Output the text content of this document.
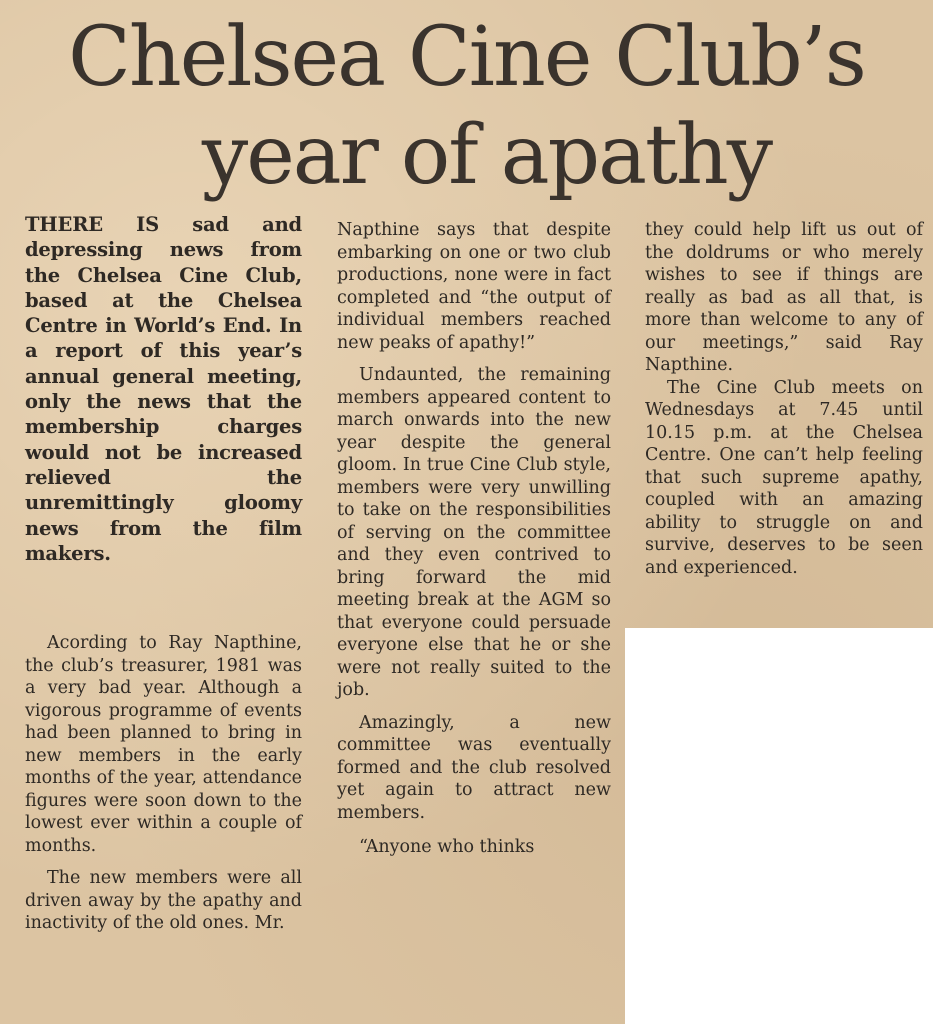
Chelsea Cine Club’s
year of apathy

THERE IS sad and depressing news from the Chelsea Cine Club, based at the Chelsea Centre in World’s End. In a report of this year’s annual general meeting, only the news that the membership charges would not be increased relieved the unremittingly gloomy news from the film makers.

Acording to Ray Napthine, the club’s treasurer, 1981 was a very bad year. Although a vigorous programme of events had been planned to bring in new members in the early months of the year, attendance figures were soon down to the lowest ever within a couple of months.

The new members were all driven away by the apathy and inactivity of the old ones. Mr.

Napthine says that despite embarking on one or two club productions, none were in fact completed and “the output of individual members reached new peaks of apathy!”

Undaunted, the remaining members appeared content to march onwards into the new year despite the general gloom. In true Cine Club style, members were very unwilling to take on the responsibilities of serving on the committee and they even contrived to bring forward the mid meeting break at the AGM so that everyone could persuade everyone else that he or she were not really suited to the job.

Amazingly, a new committee was eventually formed and the club resolved yet again to attract new members.

“Anyone who thinks

they could help lift us out of the doldrums or who merely wishes to see if things are really as bad as all that, is more than welcome to any of our meetings,” said Ray Napthine.

The Cine Club meets on Wednesdays at 7.45 until 10.15 p.m. at the Chelsea Centre. One can’t help feeling that such supreme apathy, coupled with an amazing ability to struggle on and survive, deserves to be seen and experienced.
